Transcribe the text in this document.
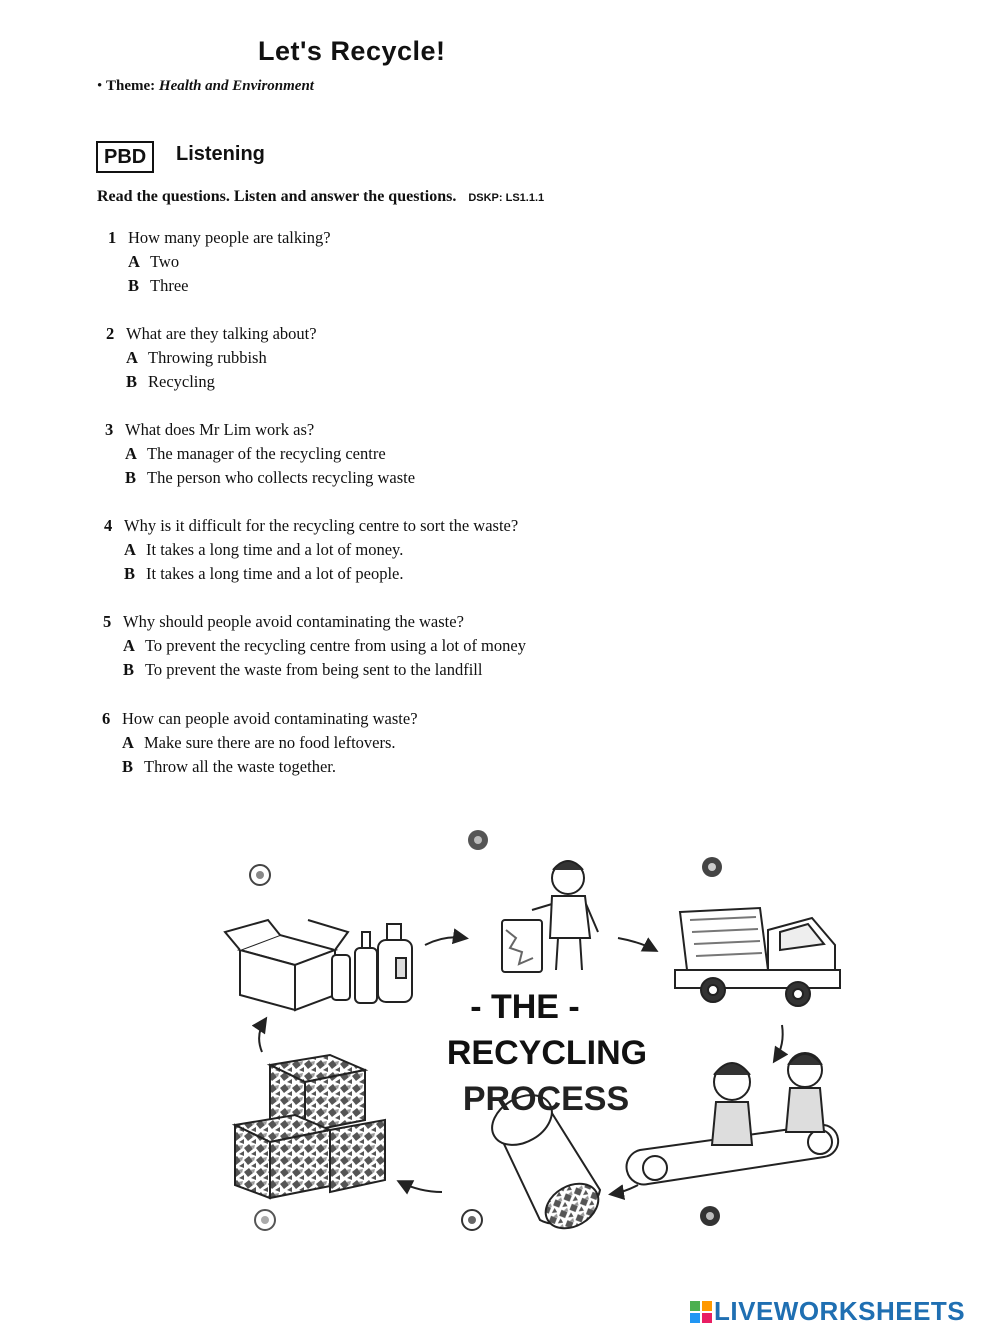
Let's Recycle!
• Theme: Health and Environment
PBD	Listening
Read the questions. Listen and answer the questions. DSKP: LS1.1.1
1 How many people are talking?
A Two
B Three
2 What are they talking about?
A Throwing rubbish
B Recycling
3 What does Mr Lim work as?
A The manager of the recycling centre
B The person who collects recycling waste
4 Why is it difficult for the recycling centre to sort the waste?
A It takes a long time and a lot of money.
B It takes a long time and a lot of people.
5 Why should people avoid contaminating the waste?
A To prevent the recycling centre from using a lot of money
B To prevent the waste from being sent to the landfill
6 How can people avoid contaminating waste?
A Make sure there are no food leftovers.
B Throw all the waste together.
- THE -
RECYCLING
PROCESS
LIVEWORKSHEETS
